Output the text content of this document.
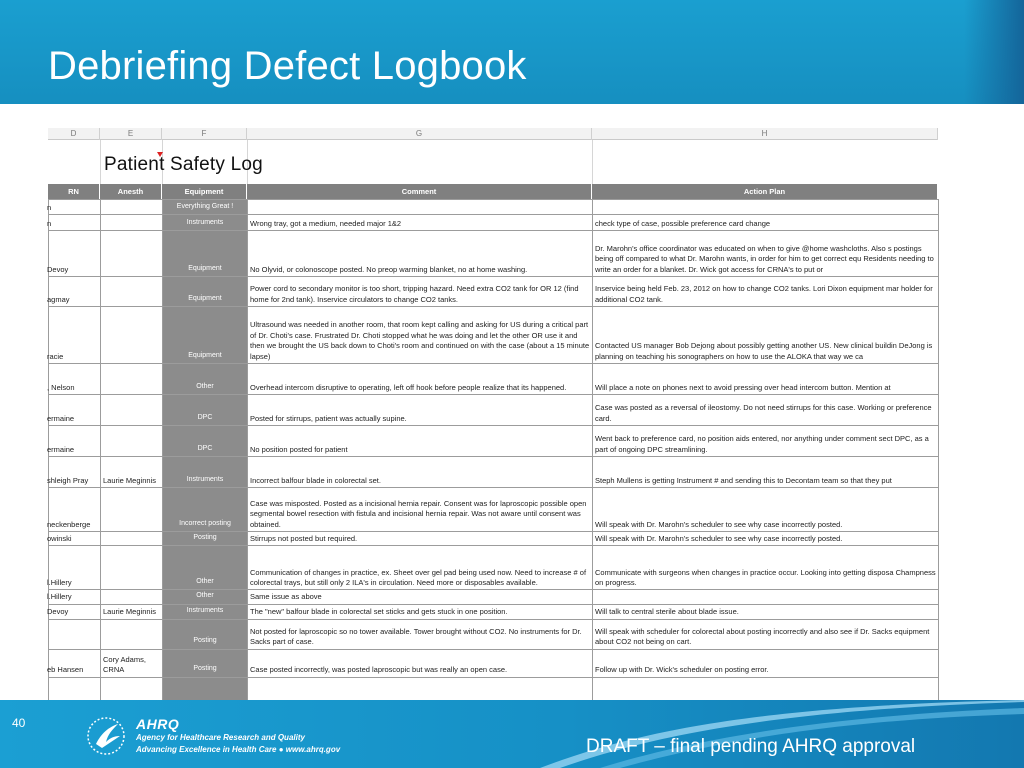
Debriefing Defect Logbook
D	E	F	G	H
Patient Safety Log
RN	Anesth	Equipment	Comment	Action Plan
n		Everything Great !		
n		Instruments	Wrong tray, got a medium, needed major 1&2	check type of case, possible preference card change
Devoy		Equipment	No Olyvid, or colonoscope posted. No preop warming blanket, no at home washing.	Dr. Marohn's office coordinator was educated on when to give @home washcloths. Also s postings being off compared to what Dr. Marohn wants, in order for him to get correct equ Residents needing to write an order for a blanket. Dr. Wick got access for CRNA's to put or
agmay		Equipment	Power cord to secondary monitor is too short, tripping hazard. Need extra CO2 tank for OR 12 (find home for 2nd tank). Inservice circulators to change CO2 tanks.	Inservice being held Feb. 23, 2012 on how to change CO2 tanks. Lori Dixon equipment mar holder for additional CO2 tank.
racie		Equipment	Ultrasound was needed in another room, that room kept calling and asking for US during a critical part of Dr. Choti's case. Frustrated Dr. Choti stopped what he was doing and let the other OR use it and then we brought the US back down to Choti's room and continued on with the case (about a 15 minute lapse)	Contacted US manager Bob Dejong about possibly getting another US. New clinical buildin DeJong is planning on teaching his sonographers on how to use the ALOKA that way we ca
, Nelson		Other	Overhead intercom disruptive to operating, left off hook before people realize that its happened.	Will place a note on phones next to avoid pressing over head intercom button. Mention at
ermaine		DPC	Posted for stirrups, patient was actually supine.	Case was posted as a reversal of ileostomy. Do not need stirrups for this case. Working or preference card.
ermaine		DPC	No position posted for patient	Went back to preference card, no position aids entered, nor anything under comment sect DPC, as a part of ongoing DPC streamlining.
shleigh Pray	Laurie Meginnis	Instruments	Incorrect balfour blade in colorectal set.	Steph Mullens is getting Instrument # and sending this to Decontam team so that they put
neckenberge		Incorrect posting	Case was misposted. Posted as a incisional hernia repair. Consent was for laproscopic possible open segmental bowel resection with fistula and incisional hernia repair. Was not aware until consent was obtained.	Will speak with Dr. Marohn's scheduler to see why case incorrectly posted.
owinski		Posting	Stirrups not posted but required.	Will speak with Dr. Marohn's scheduler to see why case incorrectly posted.
l.Hillery		Other	Communication of changes in practice, ex. Sheet over gel pad being used now. Need to increase # of colorectal trays, but still only 2 ILA's in circulation. Need more or disposables available.	Communicate with surgeons when changes in practice occur. Looking into getting disposa Champness on progress.
l.Hillery		Other	Same issue as above	
Devoy	Laurie Meginnis	Instruments	The "new" balfour blade in colorectal set sticks and gets stuck in one position.	Will talk to central sterile about blade issue.
		Posting	Not posted for laproscopic so no tower available. Tower brought without CO2. No instruments for Dr. Sacks part of case.	Will speak with scheduler for colorectal about posting incorrectly and also see if Dr. Sacks equipment about CO2 not being on cart.
eb Hansen	Cory Adams, CRNA	Posting	Case posted incorrectly, was posted laproscopic but was really an open case.	Follow up with Dr. Wick's scheduler on posting error.

40	AHRQ
Agency for Healthcare Research and Quality
Advancing Excellence in Health Care ● www.ahrq.gov	DRAFT – final pending AHRQ approval
